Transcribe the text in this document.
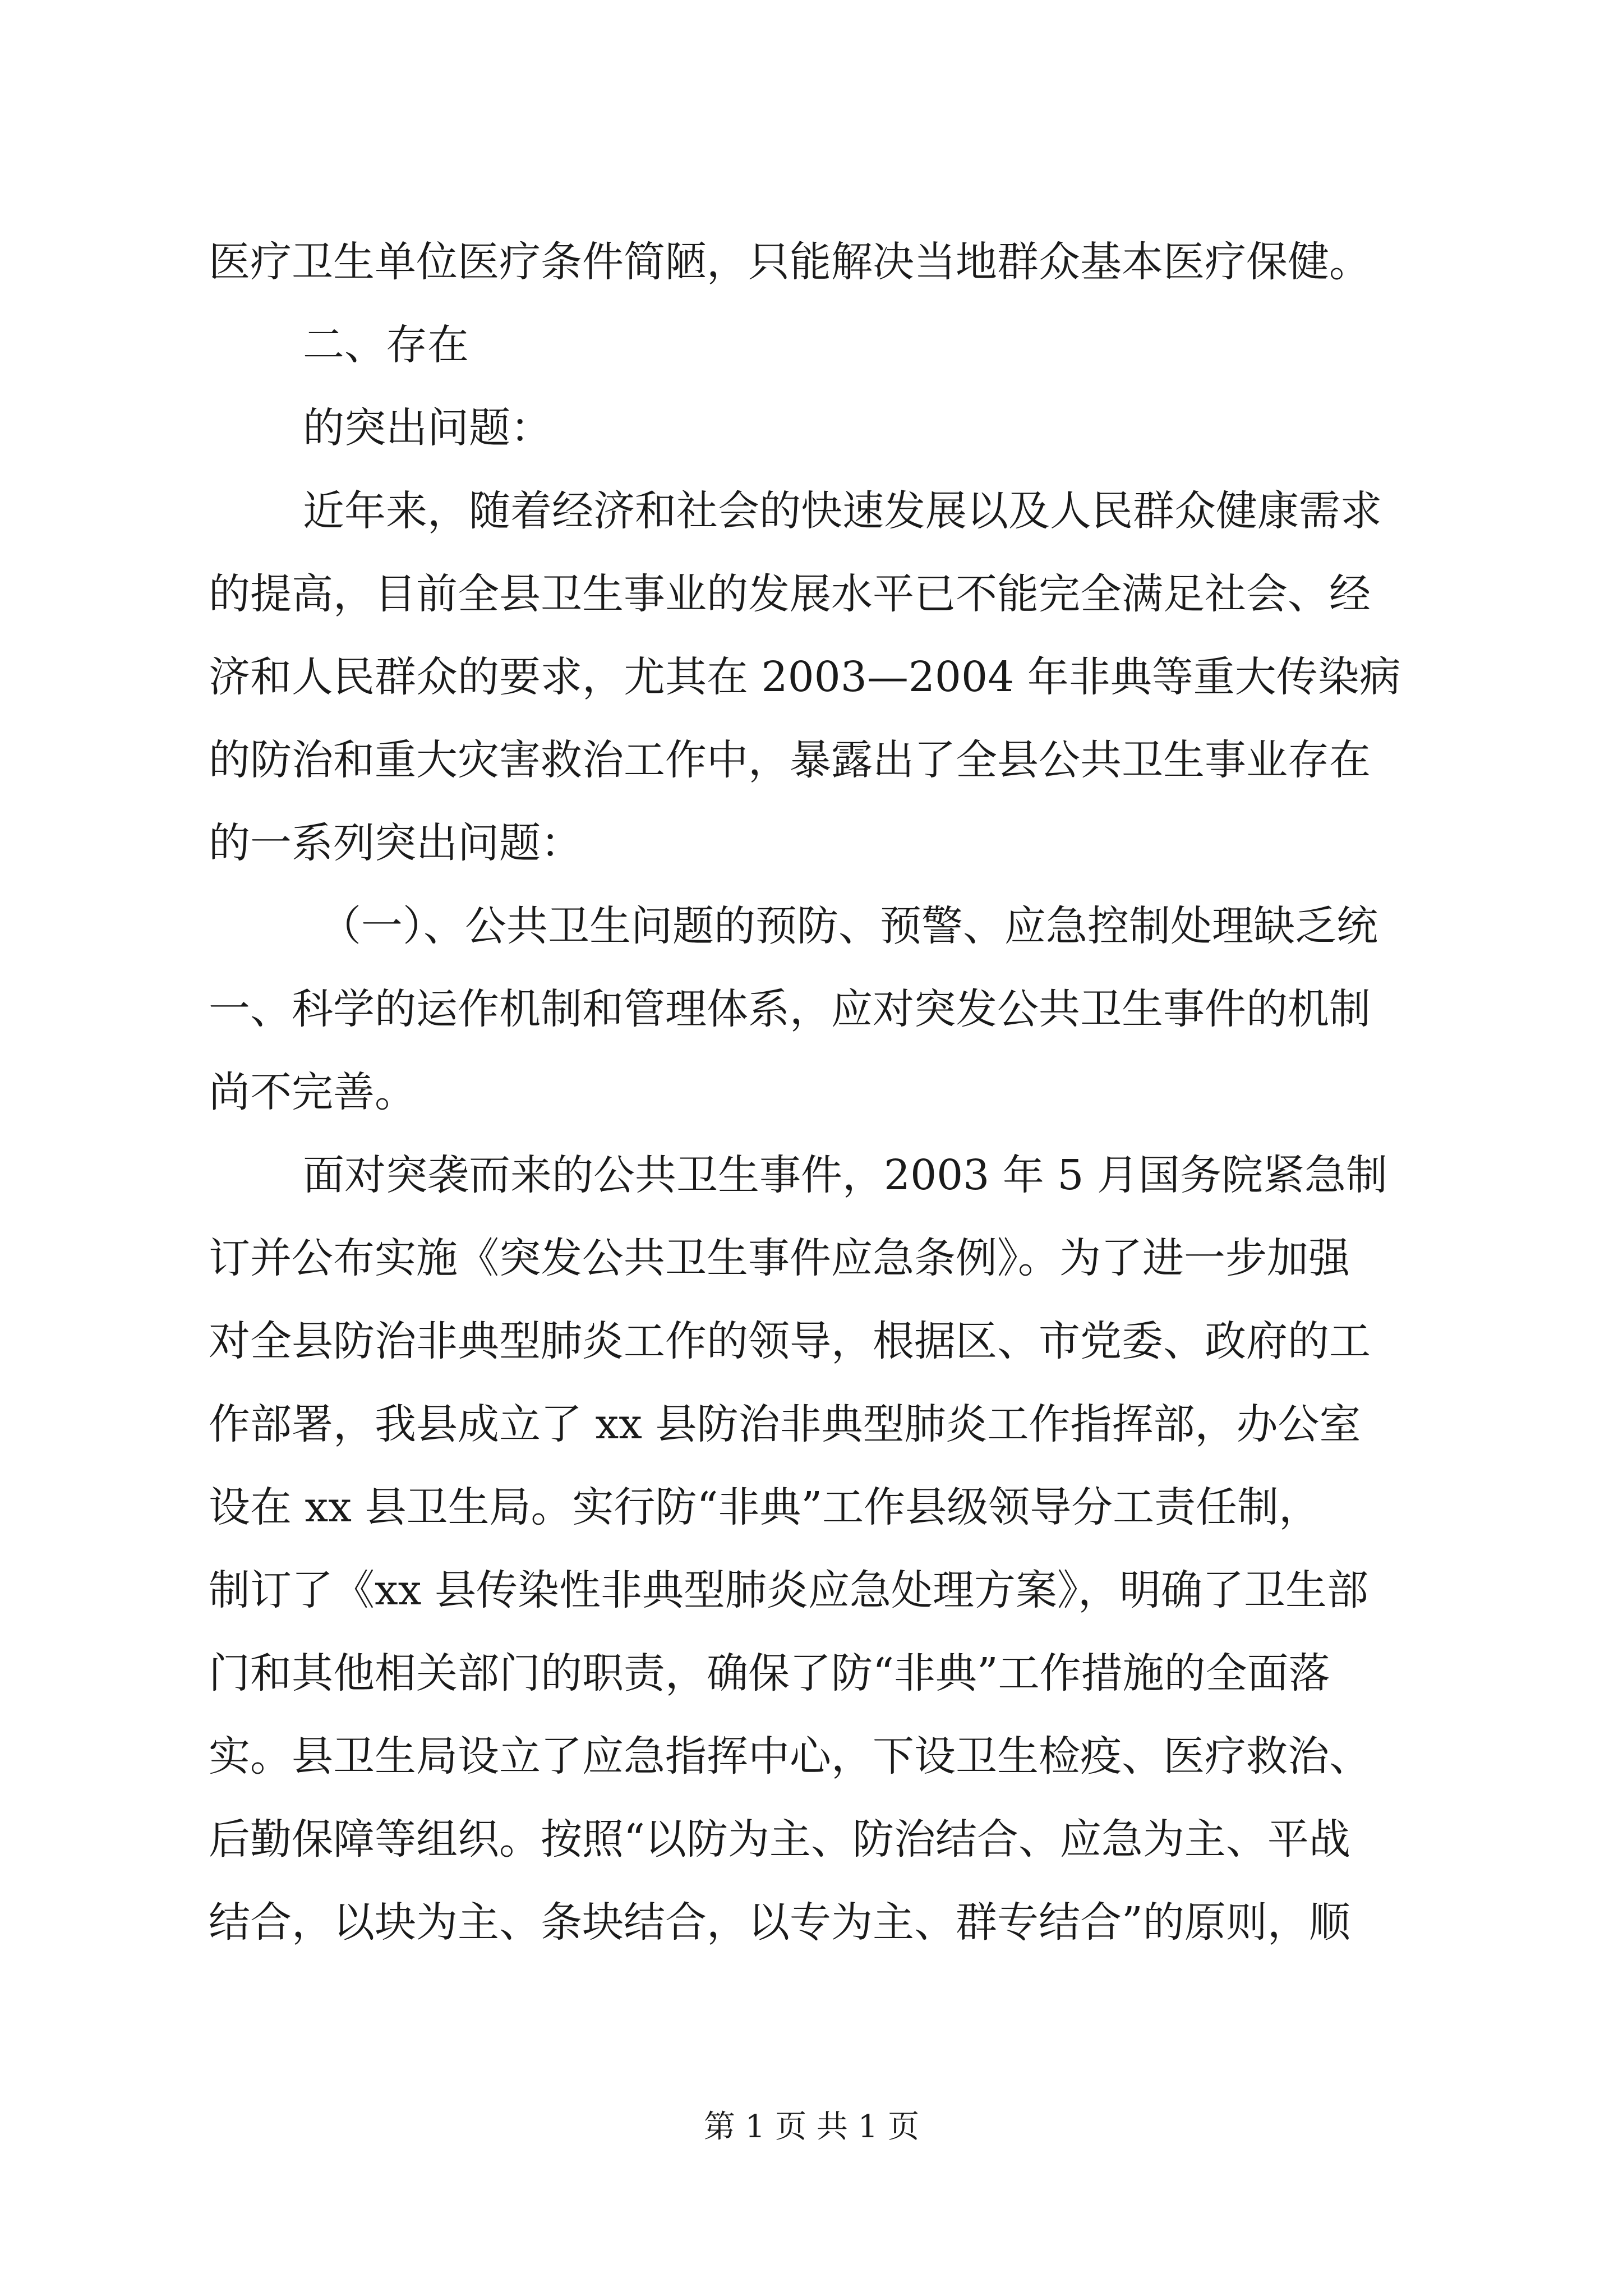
医疗卫生单位医疗条件简陋，只能解决当地群众基本医疗保健。

二、存在

的突出问题：

近年来，随着经济和社会的快速发展以及人民群众健康需求

的提高，目前全县卫生事业的发展水平已不能完全满足社会、经

济和人民群众的要求，尤其在 2003—2004 年非典等重大传染病

的防治和重大灾害救治工作中，暴露出了全县公共卫生事业存在

的一系列突出问题：

（一）、公共卫生问题的预防、预警、应急控制处理缺乏统

一、科学的运作机制和管理体系，应对突发公共卫生事件的机制

尚不完善。

面对突袭而来的公共卫生事件，2003 年 5 月国务院紧急制

订并公布实施《突发公共卫生事件应急条例》。为了进一步加强

对全县防治非典型肺炎工作的领导，根据区、市党委、政府的工

作部署，我县成立了 xx 县防治非典型肺炎工作指挥部，办公室

设在 xx 县卫生局。实行防“非典”工作县级领导分工责任制，

制订了《xx 县传染性非典型肺炎应急处理方案》，明确了卫生部

门和其他相关部门的职责，确保了防“非典”工作措施的全面落

实。县卫生局设立了应急指挥中心，下设卫生检疫、医疗救治、

后勤保障等组织。按照“以防为主、防治结合、应急为主、平战

结合，以块为主、条块结合，以专为主、群专结合”的原则，顺

第 1 页 共 1 页
